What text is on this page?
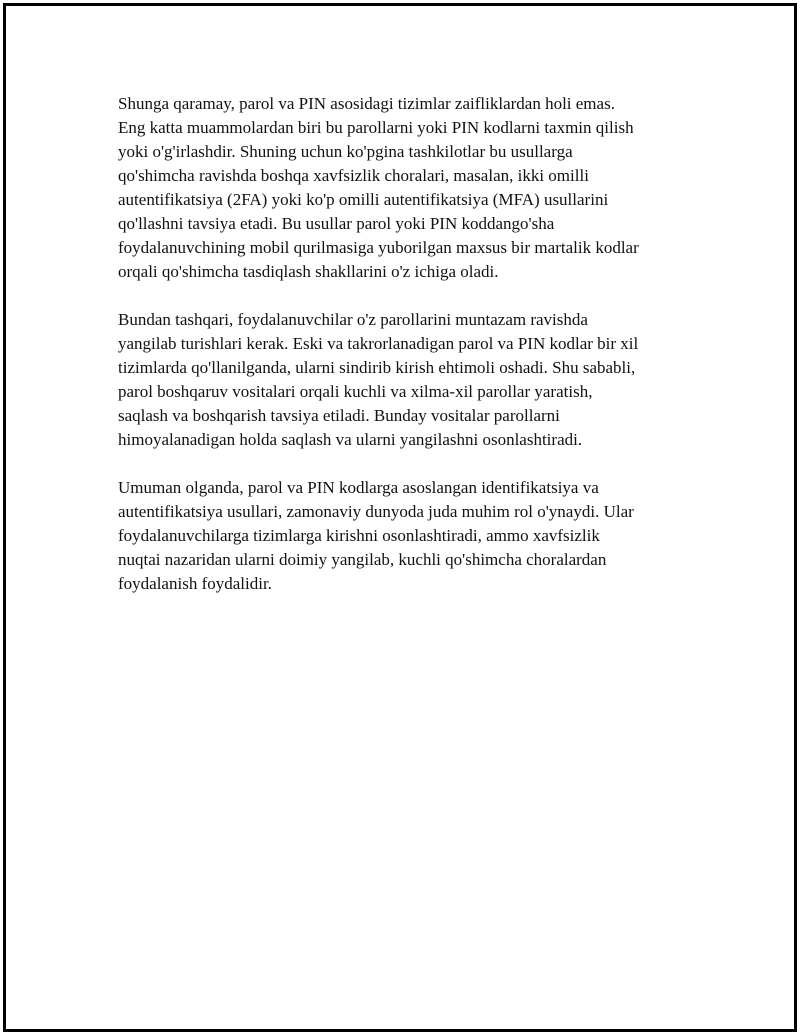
Shunga qaramay, parol va PIN asosidagi tizimlar zaifliklardan holi emas.
Eng katta muammolardan biri bu parollarni yoki PIN kodlarni taxmin qilish
yoki o'g'irlashdir. Shuning uchun ko'pgina tashkilotlar bu usullarga
qo'shimcha ravishda boshqa xavfsizlik choralari, masalan, ikki omilli
autentifikatsiya (2FA) yoki ko'p omilli autentifikatsiya (MFA) usullarini
qo'llashni tavsiya etadi. Bu usullar parol yoki PIN koddango'sha
foydalanuvchining mobil qurilmasiga yuborilgan maxsus bir martalik kodlar
orqali qo'shimcha tasdiqlash shakllarini o'z ichiga oladi.

Bundan tashqari, foydalanuvchilar o'z parollarini muntazam ravishda
yangilab turishlari kerak. Eski va takrorlanadigan parol va PIN kodlar bir xil
tizimlarda qo'llanilganda, ularni sindirib kirish ehtimoli oshadi. Shu sababli,
parol boshqaruv vositalari orqali kuchli va xilma-xil parollar yaratish,
saqlash va boshqarish tavsiya etiladi. Bunday vositalar parollarni
himoyalanadigan holda saqlash va ularni yangilashni osonlashtiradi.

Umuman olganda, parol va PIN kodlarga asoslangan identifikatsiya va
autentifikatsiya usullari, zamonaviy dunyoda juda muhim rol o'ynaydi. Ular
foydalanuvchilarga tizimlarga kirishni osonlashtiradi, ammo xavfsizlik
nuqtai nazaridan ularni doimiy yangilab, kuchli qo'shimcha choralardan
foydalanish foydalidir.
